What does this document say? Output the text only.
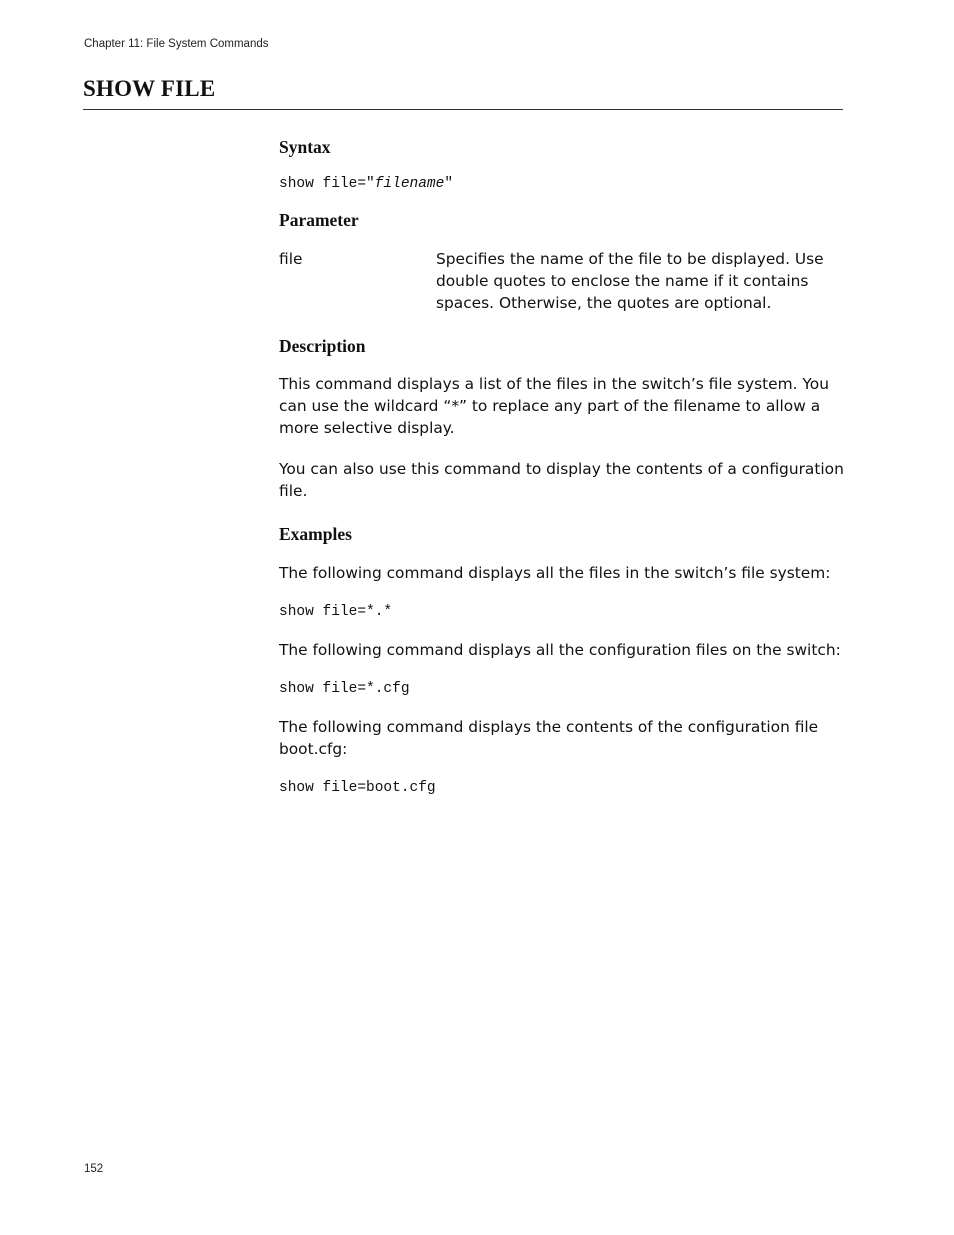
Chapter 11: File System Commands
SHOW FILE
Syntax

show file="filename"

Parameter
file	Specifies the name of the file to be displayed. Use double quotes to enclose the name if it contains spaces. Otherwise, the quotes are optional.
Description

This command displays a list of the files in the switch’s file system. You can use the wildcard “*” to replace any part of the filename to allow a more selective display.

You can also use this command to display the contents of a configuration file.

Examples

The following command displays all the files in the switch’s file system:

show file=*.*

The following command displays all the configuration files on the switch:

show file=*.cfg

The following command displays the contents of the configuration file boot.cfg:

show file=boot.cfg

152
